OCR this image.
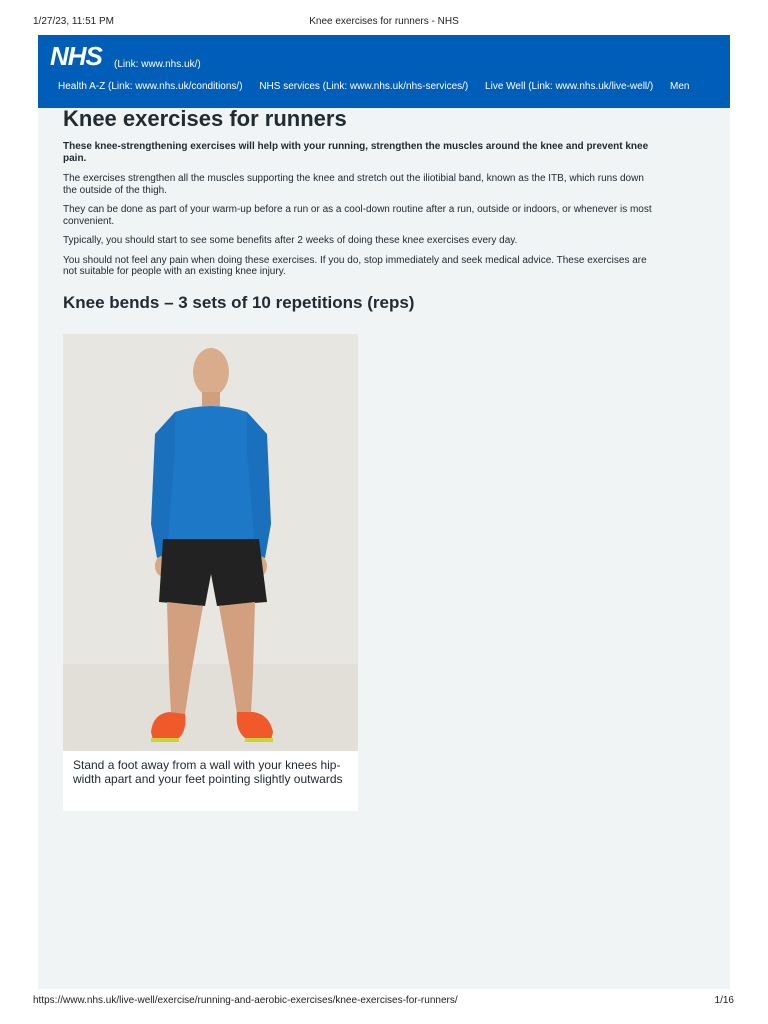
1/27/23, 11:51 PM	Knee exercises for runners - NHS
NHS (Link: www.nhs.uk/)
Health A-Z (Link: www.nhs.uk/conditions/) NHS services (Link: www.nhs.uk/nhs-services/) Live Well (Link: www.nhs.uk/live-well/) Men
Knee exercises for runners

These knee-strengthening exercises will help with your running, strengthen the muscles around the knee and prevent knee pain.

The exercises strengthen all the muscles supporting the knee and stretch out the iliotibial band, known as the ITB, which runs down the outside of the thigh.

They can be done as part of your warm-up before a run or as a cool-down routine after a run, outside or indoors, or whenever is most convenient.

Typically, you should start to see some benefits after 2 weeks of doing these knee exercises every day.

You should not feel any pain when doing these exercises. If you do, stop immediately and seek medical advice. These exercises are not suitable for people with an existing knee injury.

Knee bends – 3 sets of 10 repetitions (reps)
Stand a foot away from a wall with your knees hip-width apart and your feet pointing slightly outwards
https://www.nhs.uk/live-well/exercise/running-and-aerobic-exercises/knee-exercises-for-runners/	1/16
